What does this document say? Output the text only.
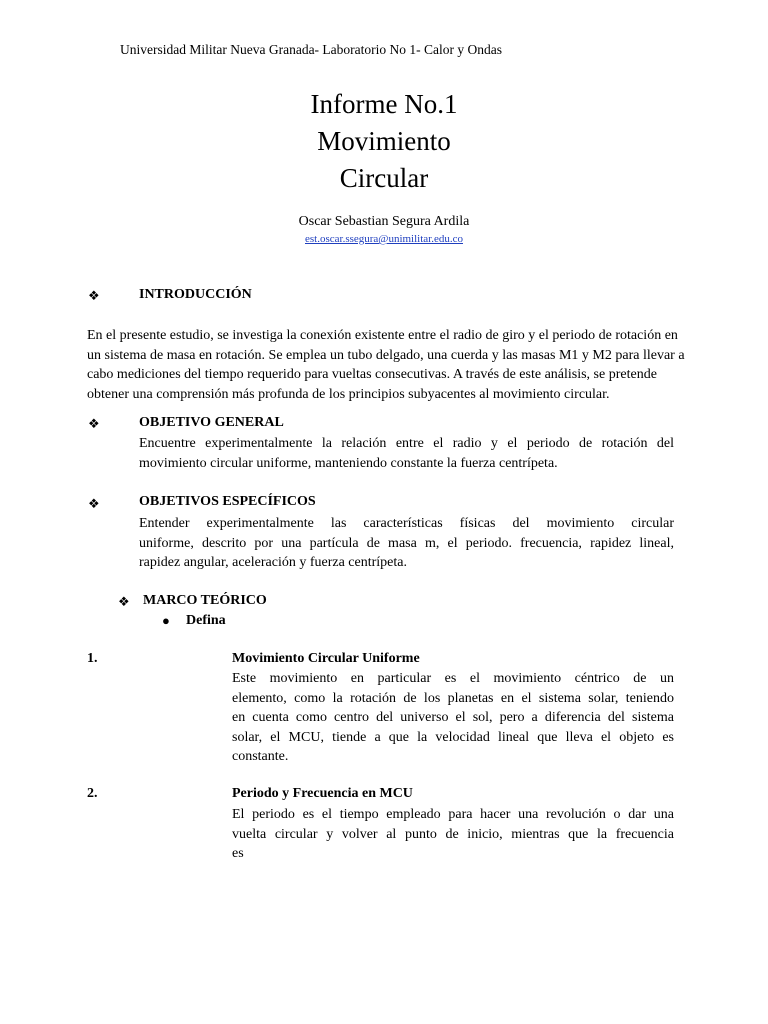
Universidad Militar Nueva Granada- Laboratorio No 1- Calor y Ondas
Informe No.1
Movimiento
Circular
Oscar Sebastian Segura Ardila
est.oscar.ssegura@unimilitar.edu.co
❖	INTRODUCCIÓN
En el presente estudio, se investiga la conexión existente entre el radio de giro y el periodo de rotación en
un sistema de masa en rotación. Se emplea un tubo delgado, una cuerda y las masas M1 y M2 para llevar a
cabo mediciones del tiempo requerido para vueltas consecutivas. A través de este análisis, se pretende
obtener una comprensión más profunda de los principios subyacentes al movimiento circular.
❖	OBJETIVO GENERAL
Encuentre experimentalmente la relación entre el radio y el periodo de rotación del
movimiento circular uniforme, manteniendo constante la fuerza centrípeta.
❖	OBJETIVOS ESPECÍFICOS
Entender experimentalmente las características físicas del movimiento circular
uniforme, descrito por una partícula de masa m, el periodo. frecuencia, rapidez lineal,
rapidez angular, aceleración y fuerza centrípeta.
❖ MARCO TEÓRICO
● Defina
1.	Movimiento Circular Uniforme
Este movimiento en particular es el movimiento céntrico de un
elemento, como la rotación de los planetas en el sistema solar, teniendo
en cuenta como centro del universo el sol, pero a diferencia del sistema
solar, el MCU, tiende a que la velocidad lineal que lleva el objeto es
constante.
2.	Periodo y Frecuencia en MCU
El periodo es el tiempo empleado para hacer una revolución o dar una
vuelta circular y volver al punto de inicio, mientras que la frecuencia
es
